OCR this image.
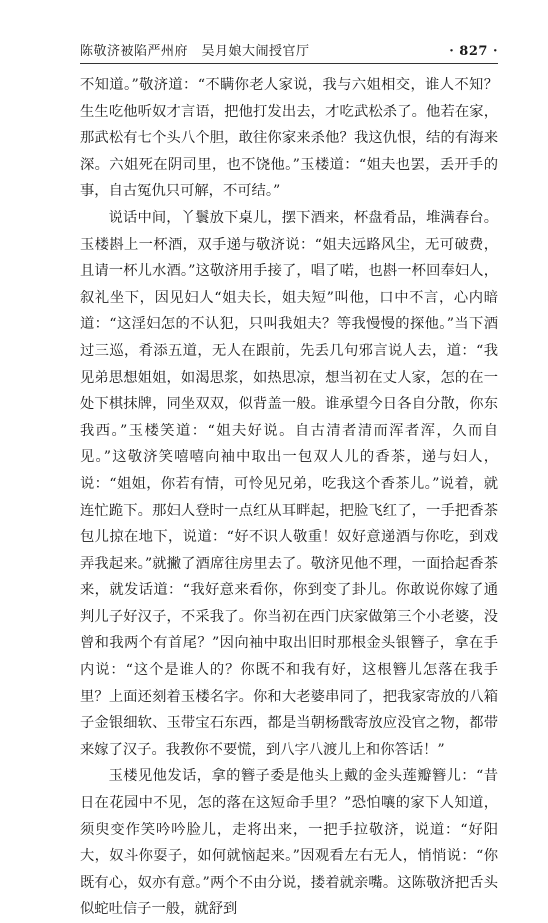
陈敬济被陷严州府　吴月娘大闹授官厅	· 827 ·

不知道。”敬济道：“不瞒你老人家说，我与六姐相交，谁人不知？生生吃他听奴才言语，把他打发出去，才吃武松杀了。他若在家，那武松有七个头八个胆，敢往你家来杀他？我这仇恨，结的有海来深。六姐死在阴司里，也不饶他。”玉楼道：“姐夫也罢，丢开手的事，自古冤仇只可解，不可结。”

说话中间，丫鬟放下桌儿，摆下酒来，杯盘肴品，堆满春台。玉楼斟上一杯酒，双手递与敬济说：“姐夫远路风尘，无可破费，且请一杯儿水酒。”这敬济用手接了，唱了喏，也斟一杯回奉妇人，叙礼坐下，因见妇人“姐夫长，姐夫短”叫他，口中不言，心内暗道：“这淫妇怎的不认犯，只叫我姐夫？等我慢慢的探他。”当下酒过三巡，肴添五道，无人在跟前，先丢几句邪言说人去，道：“我见弟思想姐姐，如渴思浆，如热思凉，想当初在丈人家，怎的在一处下棋抹牌，同坐双双，似背盖一般。谁承望今日各自分散，你东我西。”玉楼笑道：“姐夫好说。自古清者清而浑者浑，久而自见。”这敬济笑嘻嘻向袖中取出一包双人儿的香茶，递与妇人，说：“姐姐，你若有情，可怜见兄弟，吃我这个香茶儿。”说着，就连忙跪下。那妇人登时一点红从耳畔起，把脸飞红了，一手把香茶包儿掠在地下，说道：“好不识人敬重！奴好意递酒与你吃，到戏弄我起来。”就撇了酒席往房里去了。敬济见他不理，一面拾起香茶来，就发话道：“我好意来看你，你到变了卦儿。你敢说你嫁了通判儿子好汉子，不采我了。你当初在西门庆家做第三个小老婆，没曾和我两个有首尾？”因向袖中取出旧时那根金头银簪子，拿在手内说：“这个是谁人的？你既不和我有好，这根簪儿怎落在我手里？上面还刻着玉楼名字。你和大老婆串同了，把我家寄放的八箱子金银细软、玉带宝石东西，都是当朝杨戬寄放应没官之物，都带来嫁了汉子。我教你不要慌，到八字八渡儿上和你答话！”

玉楼见他发话，拿的簪子委是他头上戴的金头莲瓣簪儿：“昔日在花园中不见，怎的落在这短命手里？”恐怕嚷的家下人知道，须臾变作笑吟吟脸儿，走将出来，一把手拉敬济，说道：“好阳大，奴斗你耍子，如何就恼起来。”因观看左右无人，悄悄说：“你既有心，奴亦有意。”两个不由分说，搂着就亲嘴。这陈敬济把舌头似蛇吐信子一般，就舒到
